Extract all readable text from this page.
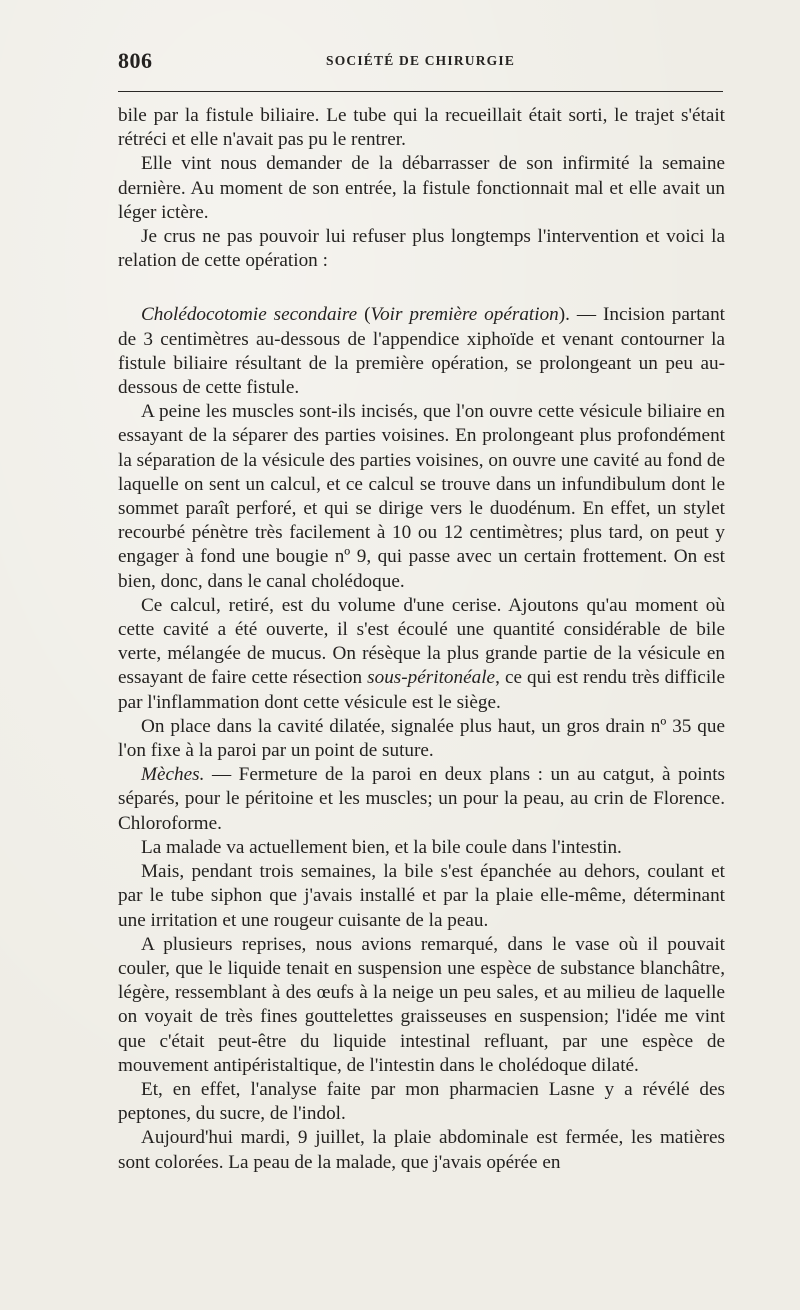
806	SOCIÉTÉ DE CHIRURGIE

bile par la fistule biliaire. Le tube qui la recueillait était sorti, le trajet s'était rétréci et elle n'avait pas pu le rentrer.

Elle vint nous demander de la débarrasser de son infirmité la semaine dernière. Au moment de son entrée, la fistule fonctionnait mal et elle avait un léger ictère.

Je crus ne pas pouvoir lui refuser plus longtemps l'intervention et voici la relation de cette opération :

Cholédocotomie secondaire (Voir première opération). — Incision partant de 3 centimètres au-dessous de l'appendice xiphoïde et venant contourner la fistule biliaire résultant de la première opération, se prolongeant un peu au-dessous de cette fistule.

A peine les muscles sont-ils incisés, que l'on ouvre cette vésicule biliaire en essayant de la séparer des parties voisines. En prolongeant plus profondément la séparation de la vésicule des parties voisines, on ouvre une cavité au fond de laquelle on sent un calcul, et ce calcul se trouve dans un infundibulum dont le sommet paraît perforé, et qui se dirige vers le duodénum. En effet, un stylet recourbé pénètre très facilement à 10 ou 12 centimètres; plus tard, on peut y engager à fond une bougie nº 9, qui passe avec un certain frottement. On est bien, donc, dans le canal cholédoque.

Ce calcul, retiré, est du volume d'une cerise. Ajoutons qu'au moment où cette cavité a été ouverte, il s'est écoulé une quantité considérable de bile verte, mélangée de mucus. On résèque la plus grande partie de la vésicule en essayant de faire cette résection sous-péritonéale, ce qui est rendu très difficile par l'inflammation dont cette vésicule est le siège.

On place dans la cavité dilatée, signalée plus haut, un gros drain nº 35 que l'on fixe à la paroi par un point de suture.

Mèches. — Fermeture de la paroi en deux plans : un au catgut, à points séparés, pour le péritoine et les muscles; un pour la peau, au crin de Florence. Chloroforme.

La malade va actuellement bien, et la bile coule dans l'intestin.

Mais, pendant trois semaines, la bile s'est épanchée au dehors, coulant et par le tube siphon que j'avais installé et par la plaie elle-même, déterminant une irritation et une rougeur cuisante de la peau.

A plusieurs reprises, nous avions remarqué, dans le vase où il pouvait couler, que le liquide tenait en suspension une espèce de substance blanchâtre, légère, ressemblant à des œufs à la neige un peu sales, et au milieu de laquelle on voyait de très fines gouttelettes graisseuses en suspension; l'idée me vint que c'était peut-être du liquide intestinal refluant, par une espèce de mouvement antipéristaltique, de l'intestin dans le cholédoque dilaté.

Et, en effet, l'analyse faite par mon pharmacien Lasne y a révélé des peptones, du sucre, de l'indol.

Aujourd'hui mardi, 9 juillet, la plaie abdominale est fermée, les matières sont colorées. La peau de la malade, que j'avais opérée en
